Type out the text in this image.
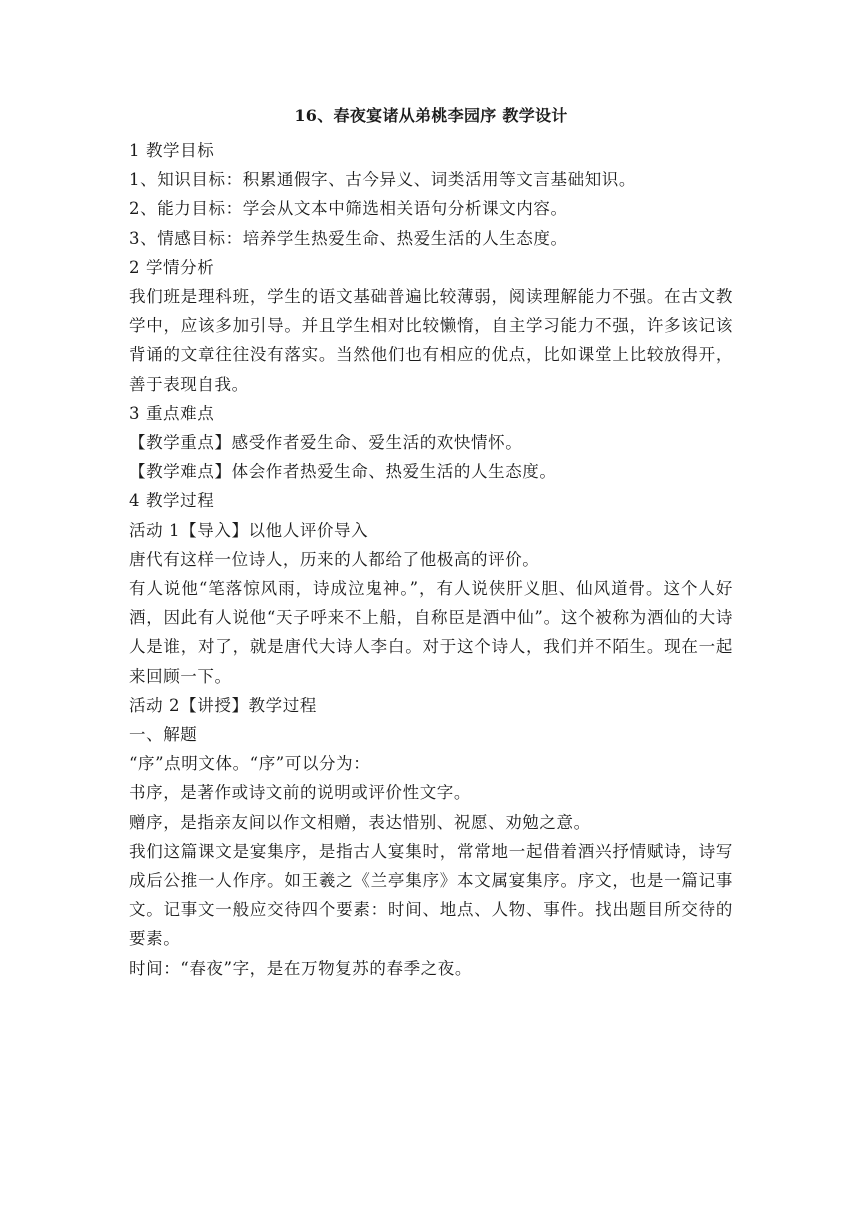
16、春夜宴诸从弟桃李园序 教学设计

1 教学目标

1、知识目标：积累通假字、古今异义、词类活用等文言基础知识。

2、能力目标：学会从文本中筛选相关语句分析课文内容。

3、情感目标：培养学生热爱生命、热爱生活的人生态度。

2 学情分析

我们班是理科班，学生的语文基础普遍比较薄弱，阅读理解能力不强。在古文教学中，应该多加引导。并且学生相对比较懒惰，自主学习能力不强，许多该记该背诵的文章往往没有落实。当然他们也有相应的优点，比如课堂上比较放得开，善于表现自我。

3 重点难点

【教学重点】感受作者爱生命、爱生活的欢快情怀。

【教学难点】体会作者热爱生命、热爱生活的人生态度。

4 教学过程

活动 1【导入】以他人评价导入

唐代有这样一位诗人，历来的人都给了他极高的评价。

有人说他“笔落惊风雨，诗成泣鬼神。”，有人说侠肝义胆、仙风道骨。这个人好酒，因此有人说他“天子呼来不上船，自称臣是酒中仙”。这个被称为酒仙的大诗人是谁，对了，就是唐代大诗人李白。对于这个诗人，我们并不陌生。现在一起来回顾一下。

活动 2【讲授】教学过程

一、解题

“序”点明文体。“序”可以分为：

书序，是著作或诗文前的说明或评价性文字。

赠序，是指亲友间以作文相赠，表达惜别、祝愿、劝勉之意。

我们这篇课文是宴集序，是指古人宴集时，常常地一起借着酒兴抒情赋诗，诗写成后公推一人作序。如王羲之《兰亭集序》本文属宴集序。序文，也是一篇记事文。记事文一般应交待四个要素：时间、地点、人物、事件。找出题目所交待的要素。

时间：“春夜”字，是在万物复苏的春季之夜。
